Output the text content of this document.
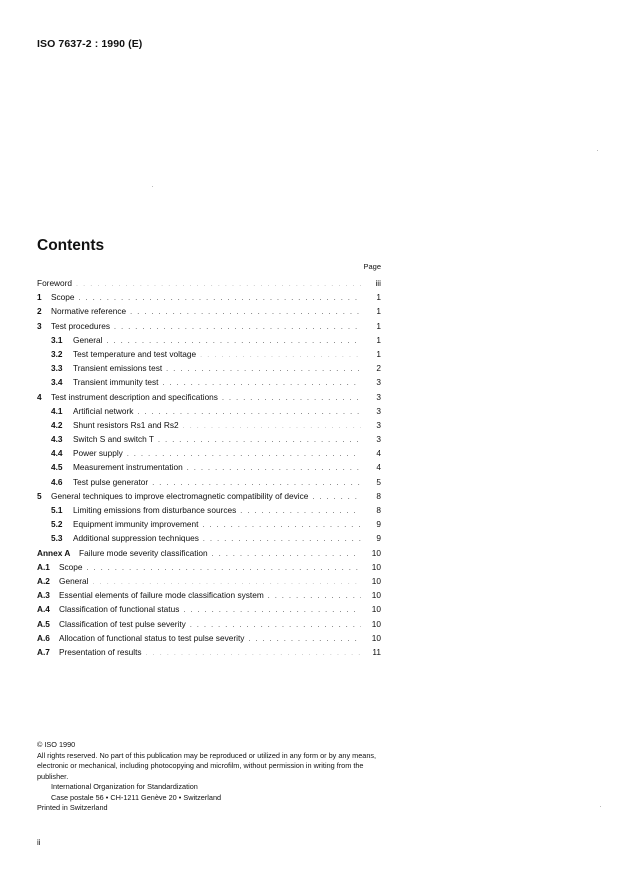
ISO 7637-2 : 1990 (E)
Contents
Page
Foreword . . .	iii
1	Scope . . .	1
2	Normative reference . . .	1
3	Test procedures . . .	1
3.1	General . . .	1
3.2	Test temperature and test voltage . . .	1
3.3	Transient emissions test . . .	2
3.4	Transient immunity test . . .	3
4	Test instrument description and specifications . . .	3
4.1	Artificial network . . .	3
4.2	Shunt resistors Rs1 and Rs2 . . .	3
4.3	Switch S and switch T . . .	3
4.4	Power supply . . .	4
4.5	Measurement instrumentation . . .	4
4.6	Test pulse generator . . .	5
5	General techniques to improve electromagnetic compatibility of device . . .	8
5.1	Limiting emissions from disturbance sources . . .	8
5.2	Equipment immunity improvement . . .	9
5.3	Additional suppression techniques . . .	9
Annex A	Failure mode severity classification . . .	10
A.1	Scope . . .	10
A.2	General . . .	10
A.3	Essential elements of failure mode classification system . . .	10
A.4	Classification of functional status . . .	10
A.5	Classification of test pulse severity . . .	10
A.6	Allocation of functional status to test pulse severity . . .	10
A.7	Presentation of results . . .	11
© ISO 1990
All rights reserved. No part of this publication may be reproduced or utilized in any form or by any means, electronic or mechanical, including photocopying and microfilm, without permission in writing from the publisher.
International Organization for Standardization
Case postale 56 • CH-1211 Genève 20 • Switzerland
Printed in Switzerland
ii
